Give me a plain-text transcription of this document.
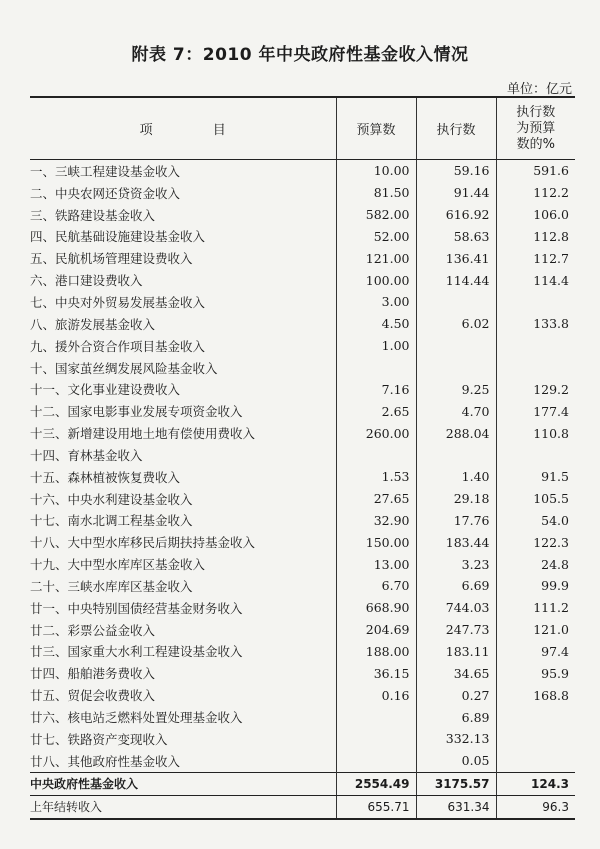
附表 7：2010 年中央政府性基金收入情况
单位：亿元
项 目	预算数	执行数	执行数
为预算
数的%

一、三峡工程建设基金收入	10.00	59.16	591.6
二、中央农网还贷资金收入	81.50	91.44	112.2
三、铁路建设基金收入	582.00	616.92	106.0
四、民航基础设施建设基金收入	52.00	58.63	112.8
五、民航机场管理建设费收入	121.00	136.41	112.7
六、港口建设费收入	100.00	114.44	114.4
七、中央对外贸易发展基金收入	3.00		
八、旅游发展基金收入	4.50	6.02	133.8
九、援外合资合作项目基金收入	1.00		
十、国家茧丝绸发展风险基金收入			
十一、文化事业建设费收入	7.16	9.25	129.2
十二、国家电影事业发展专项资金收入	2.65	4.70	177.4
十三、新增建设用地土地有偿使用费收入	260.00	288.04	110.8
十四、育林基金收入			
十五、森林植被恢复费收入	1.53	1.40	91.5
十六、中央水利建设基金收入	27.65	29.18	105.5
十七、南水北调工程基金收入	32.90	17.76	54.0
十八、大中型水库移民后期扶持基金收入	150.00	183.44	122.3
十九、大中型水库库区基金收入	13.00	3.23	24.8
二十、三峡水库库区基金收入	6.70	6.69	99.9
廿一、中央特别国债经营基金财务收入	668.90	744.03	111.2
廿二、彩票公益金收入	204.69	247.73	121.0
廿三、国家重大水利工程建设基金收入	188.00	183.11	97.4
廿四、船舶港务费收入	36.15	34.65	95.9
廿五、贸促会收费收入	0.16	0.27	168.8
廿六、核电站乏燃料处置处理基金收入		6.89	
廿七、铁路资产变现收入		332.13	
廿八、其他政府性基金收入		0.05	
中央政府性基金收入	2554.49	3175.57	124.3
上年结转收入	655.71	631.34	96.3
